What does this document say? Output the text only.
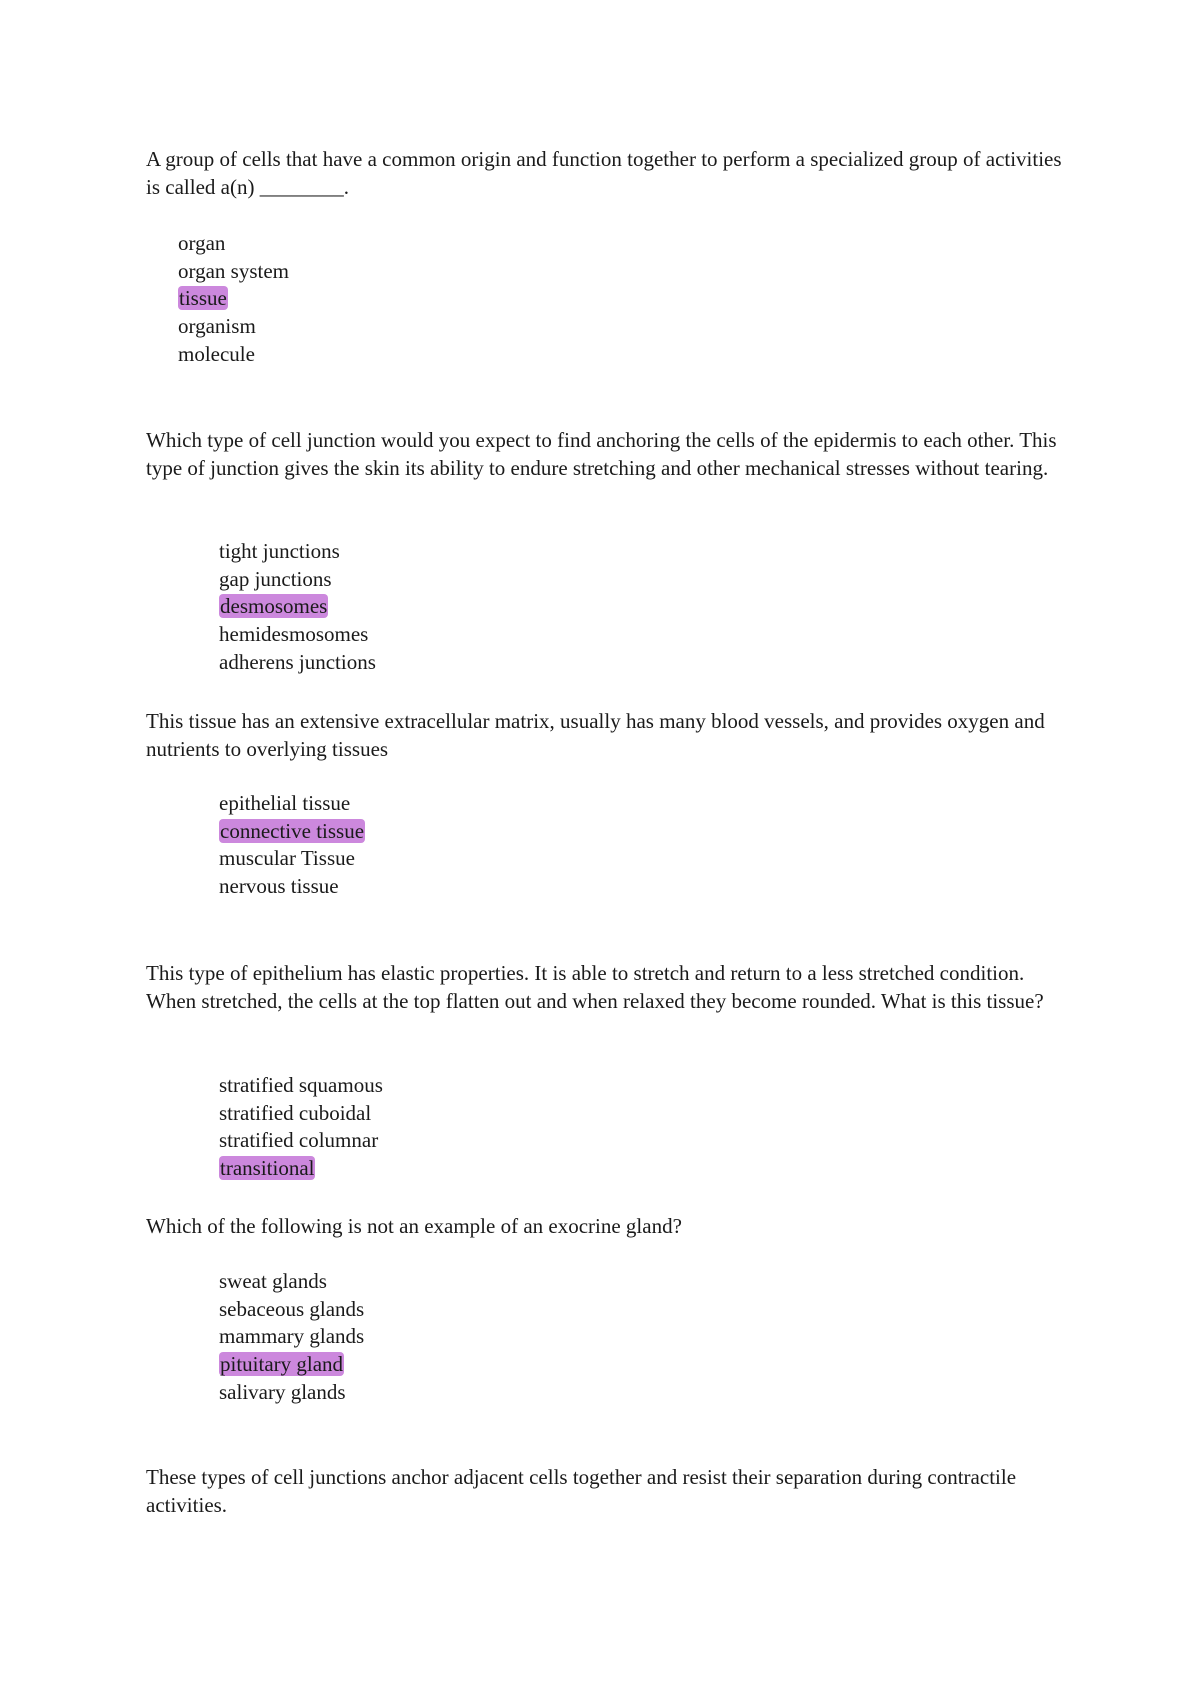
A group of cells that have a common origin and function together to perform a specialized group of activities is called a(n) ________.

organ
organ system
tissue
organism
molecule

Which type of cell junction would you expect to find anchoring the cells of the epidermis to each other. This type of junction gives the skin its ability to endure stretching and other mechanical stresses without tearing.

tight junctions
gap junctions
desmosomes
hemidesmosomes
adherens junctions

This tissue has an extensive extracellular matrix, usually has many blood vessels, and provides oxygen and nutrients to overlying tissues

epithelial tissue
connective tissue
muscular Tissue
nervous tissue

This type of epithelium has elastic properties. It is able to stretch and return to a less stretched condition. When stretched, the cells at the top flatten out and when relaxed they become rounded. What is this tissue?

stratified squamous
stratified cuboidal
stratified columnar
transitional

Which of the following is not an example of an exocrine gland?

sweat glands
sebaceous glands
mammary glands
pituitary gland
salivary glands

These types of cell junctions anchor adjacent cells together and resist their separation during contractile activities.
